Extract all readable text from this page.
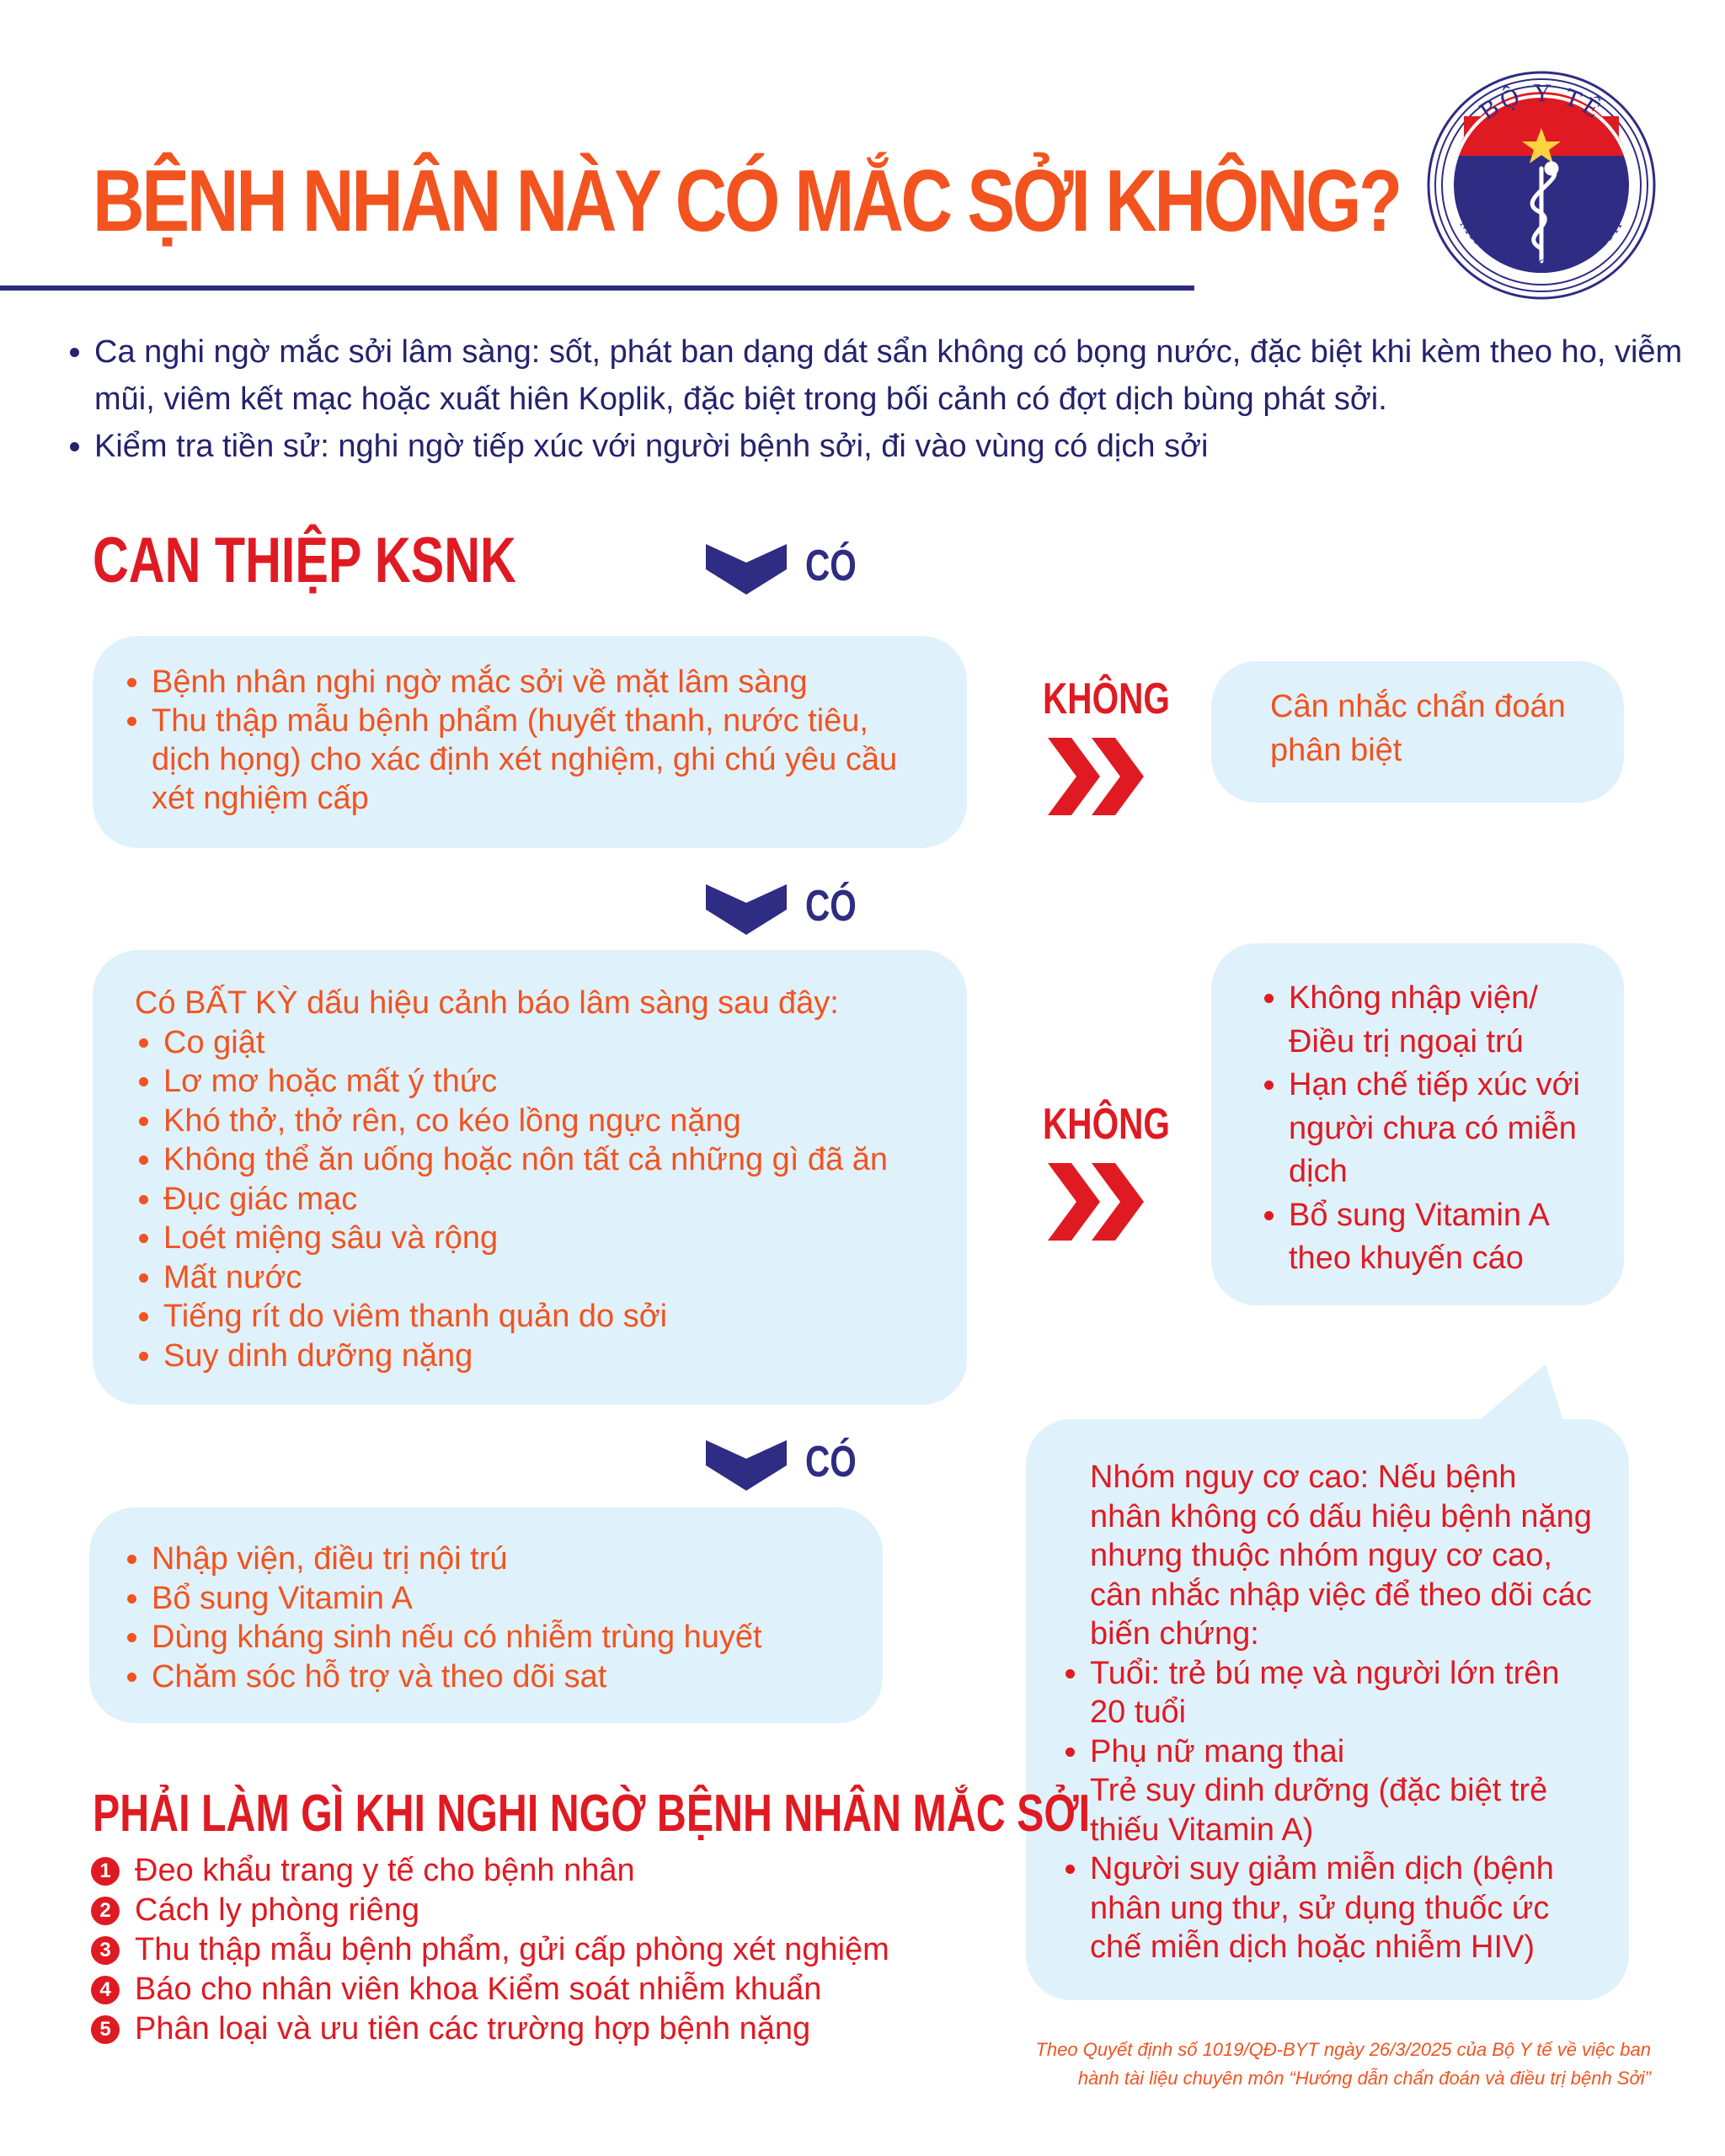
BỆNH NHÂN NÀY CÓ MẮC SỞI KHÔNG?
BỘ Y TẾ
MINISTRY OF HEALTH
• Ca nghi ngờ mắc sởi lâm sàng: sốt, phát ban dạng dát sẩn không có bọng nước, đặc biệt khi kèm theo ho, viễm mũi, viêm kết mạc hoặc xuất hiên Koplik, đặc biệt trong bối cảnh có đợt dịch bùng phát sởi.
• Kiểm tra tiền sử: nghi ngờ tiếp xúc với người bệnh sởi, đi vào vùng có dịch sởi
CAN THIỆP KSNK	CÓ
• Bệnh nhân nghi ngờ mắc sởi về mặt lâm sàng
• Thu thập mẫu bệnh phẩm (huyết thanh, nước tiêu, dịch họng) cho xác định xét nghiệm, ghi chú yêu cầu xét nghiệm cấp
KHÔNG	Cân nhắc chẩn đoán phân biệt
CÓ
Có BẤT KỲ dấu hiệu cảnh báo lâm sàng sau đây:
• Co giật
• Lơ mơ hoặc mất ý thức
• Khó thở, thở rên, co kéo lồng ngực nặng
• Không thể ăn uống hoặc nôn tất cả những gì đã ăn
• Đục giác mạc
• Loét miệng sâu và rộng
• Mất nước
• Tiếng rít do viêm thanh quản do sởi
• Suy dinh dưỡng nặng
KHÔNG
• Không nhập viện/ Điều trị ngoại trú
• Hạn chế tiếp xúc với người chưa có miễn dịch
• Bổ sung Vitamin A theo khuyến cáo
CÓ
• Nhập viện, điều trị nội trú
• Bổ sung Vitamin A
• Dùng kháng sinh nếu có nhiễm trùng huyết
• Chăm sóc hỗ trợ và theo dõi sat
Nhóm nguy cơ cao: Nếu bệnh nhân không có dấu hiệu bệnh nặng nhưng thuộc nhóm nguy cơ cao, cân nhắc nhập việc để theo dõi các biến chứng:
• Tuổi: trẻ bú mẹ và người lớn trên 20 tuổi
• Phụ nữ mang thai
Trẻ suy dinh dưỡng (đặc biệt trẻ thiếu Vitamin A)
• Người suy giảm miễn dịch (bệnh nhân ung thư, sử dụng thuốc ức chế miễn dịch hoặc nhiễm HIV)
PHẢI LÀM GÌ KHI NGHI NGỜ BỆNH NHÂN MẮC SỞI
1 Đeo khẩu trang y tế cho bệnh nhân
2 Cách ly phòng riêng
3 Thu thập mẫu bệnh phẩm, gửi cấp phòng xét nghiệm
4 Báo cho nhân viên khoa Kiểm soát nhiễm khuẩn
5 Phân loại và ưu tiên các trường hợp bệnh nặng
Theo Quyết định số 1019/QĐ-BYT ngày 26/3/2025 của Bộ Y tế về việc ban
hành tài liệu chuyên môn “Hướng dẫn chẩn đoán và điều trị bệnh Sởi”
